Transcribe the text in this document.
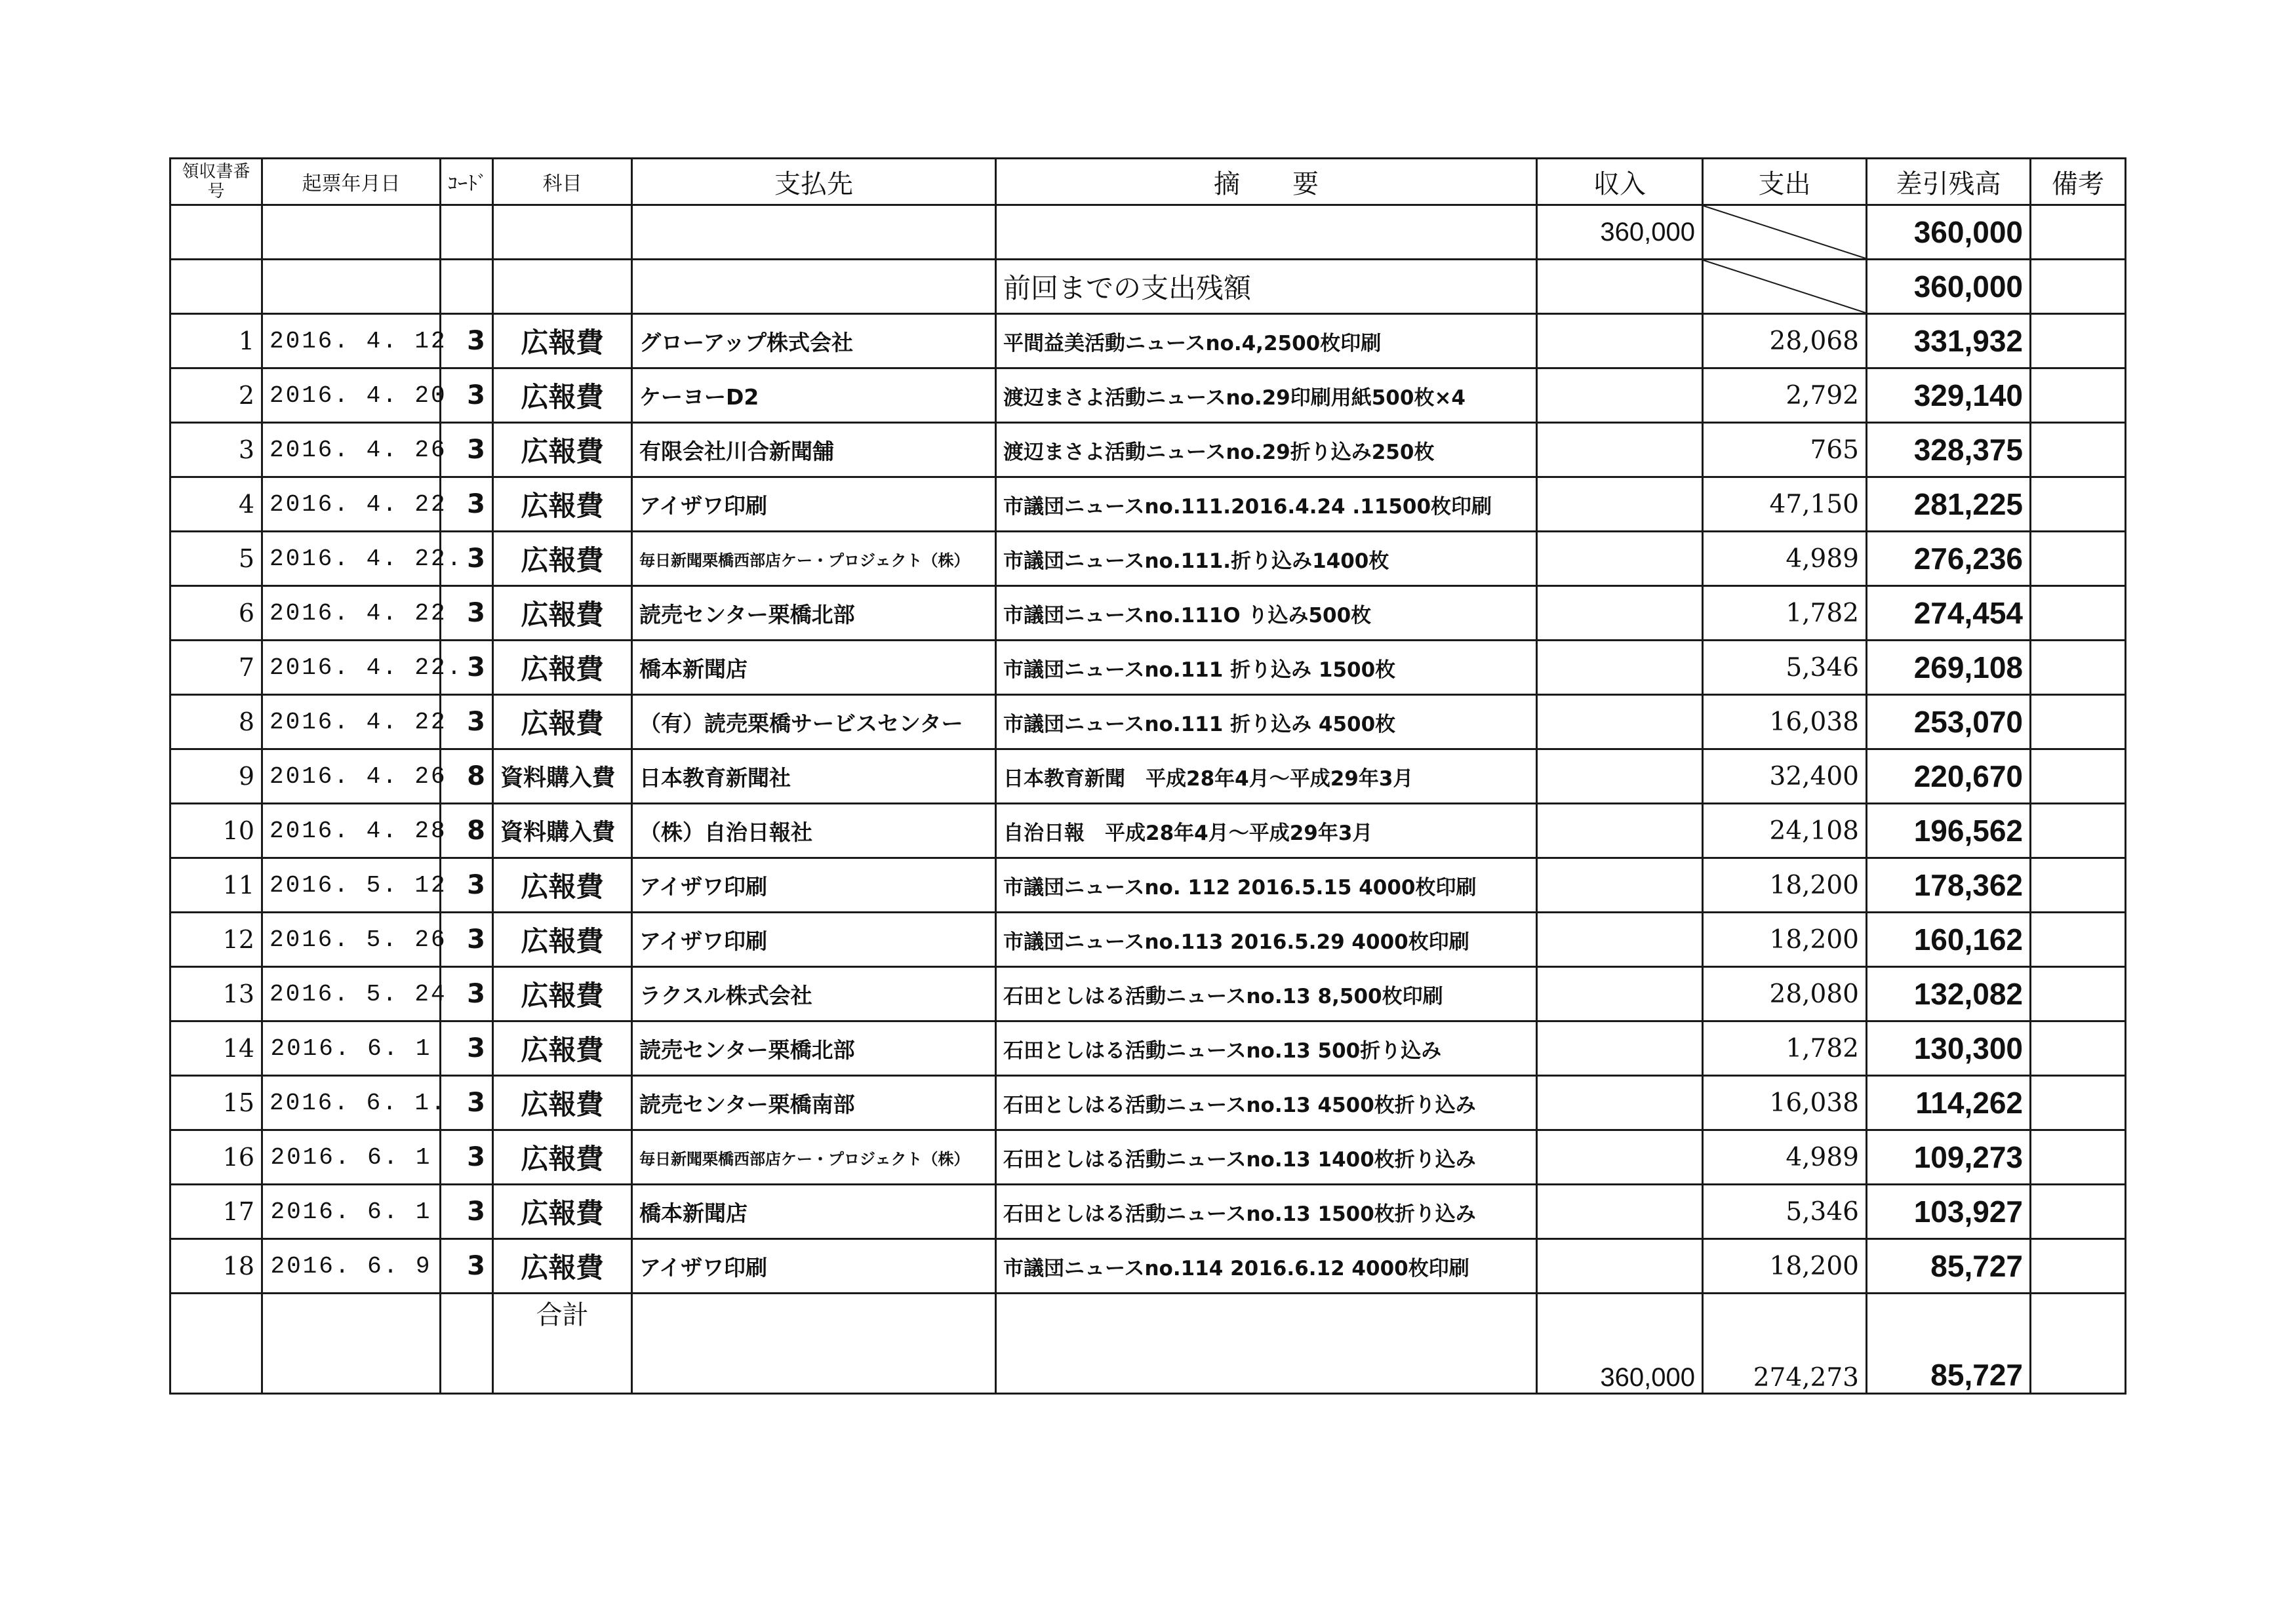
領収書番号	起票年月日	ｺｰﾄﾞ	科目	支払先	摘　　要	収入	支出	差引残高	備考
						360,000		360,000	
					前回までの支出残額			360,000	
1	2016. 4. 12	3	広報費	グローアップ株式会社	平間益美活動ニュースno.4,2500枚印刷		28,068	331,932	
2	2016. 4. 20	3	広報費	ケーヨーD2	渡辺まさよ活動ニュースno.29印刷用紙500枚×4		2,792	329,140	
3	2016. 4. 26	3	広報費	有限会社川合新聞舗	渡辺まさよ活動ニュースno.29折り込み250枚		765	328,375	
4	2016. 4. 22	3	広報費	アイザワ印刷	市議団ニュースno.111.2016.4.24 .11500枚印刷		47,150	281,225	
5	2016. 4. 22.	3	広報費	毎日新聞栗橋西部店ケー・プロジェクト（株）	市議団ニュースno.111.折り込み1400枚		4,989	276,236	
6	2016. 4. 22	3	広報費	読売センター栗橋北部	市議団ニュースno.111O り込み500枚		1,782	274,454	
7	2016. 4. 22.	3	広報費	橋本新聞店	市議団ニュースno.111 折り込み 1500枚		5,346	269,108	
8	2016. 4. 22	3	広報費	（有）読売栗橋サービスセンター	市議団ニュースno.111 折り込み 4500枚		16,038	253,070	
9	2016. 4. 26	8	資料購入費	日本教育新聞社	日本教育新聞　平成28年4月～平成29年3月		32,400	220,670	
10	2016. 4. 28	8	資料購入費	（株）自治日報社	自治日報　平成28年4月～平成29年3月		24,108	196,562	
11	2016. 5. 12	3	広報費	アイザワ印刷	市議団ニュースno. 112 2016.5.15 4000枚印刷		18,200	178,362	
12	2016. 5. 26	3	広報費	アイザワ印刷	市議団ニュースno.113 2016.5.29 4000枚印刷		18,200	160,162	
13	2016. 5. 24	3	広報費	ラクスル株式会社	石田としはる活動ニュースno.13 8,500枚印刷		28,080	132,082	
14	2016. 6. 1	3	広報費	読売センター栗橋北部	石田としはる活動ニュースno.13 500折り込み		1,782	130,300	
15	2016. 6. 1.	3	広報費	読売センター栗橋南部	石田としはる活動ニュースno.13 4500枚折り込み		16,038	114,262	
16	2016. 6. 1	3	広報費	毎日新聞栗橋西部店ケー・プロジェクト（株）	石田としはる活動ニュースno.13 1400枚折り込み		4,989	109,273	
17	2016. 6. 1	3	広報費	橋本新聞店	石田としはる活動ニュースno.13 1500枚折り込み		5,346	103,927	
18	2016. 6. 9	3	広報費	アイザワ印刷	市議団ニュースno.114 2016.6.12 4000枚印刷		18,200	85,727	
			合計			360,000	274,273	85,727	
